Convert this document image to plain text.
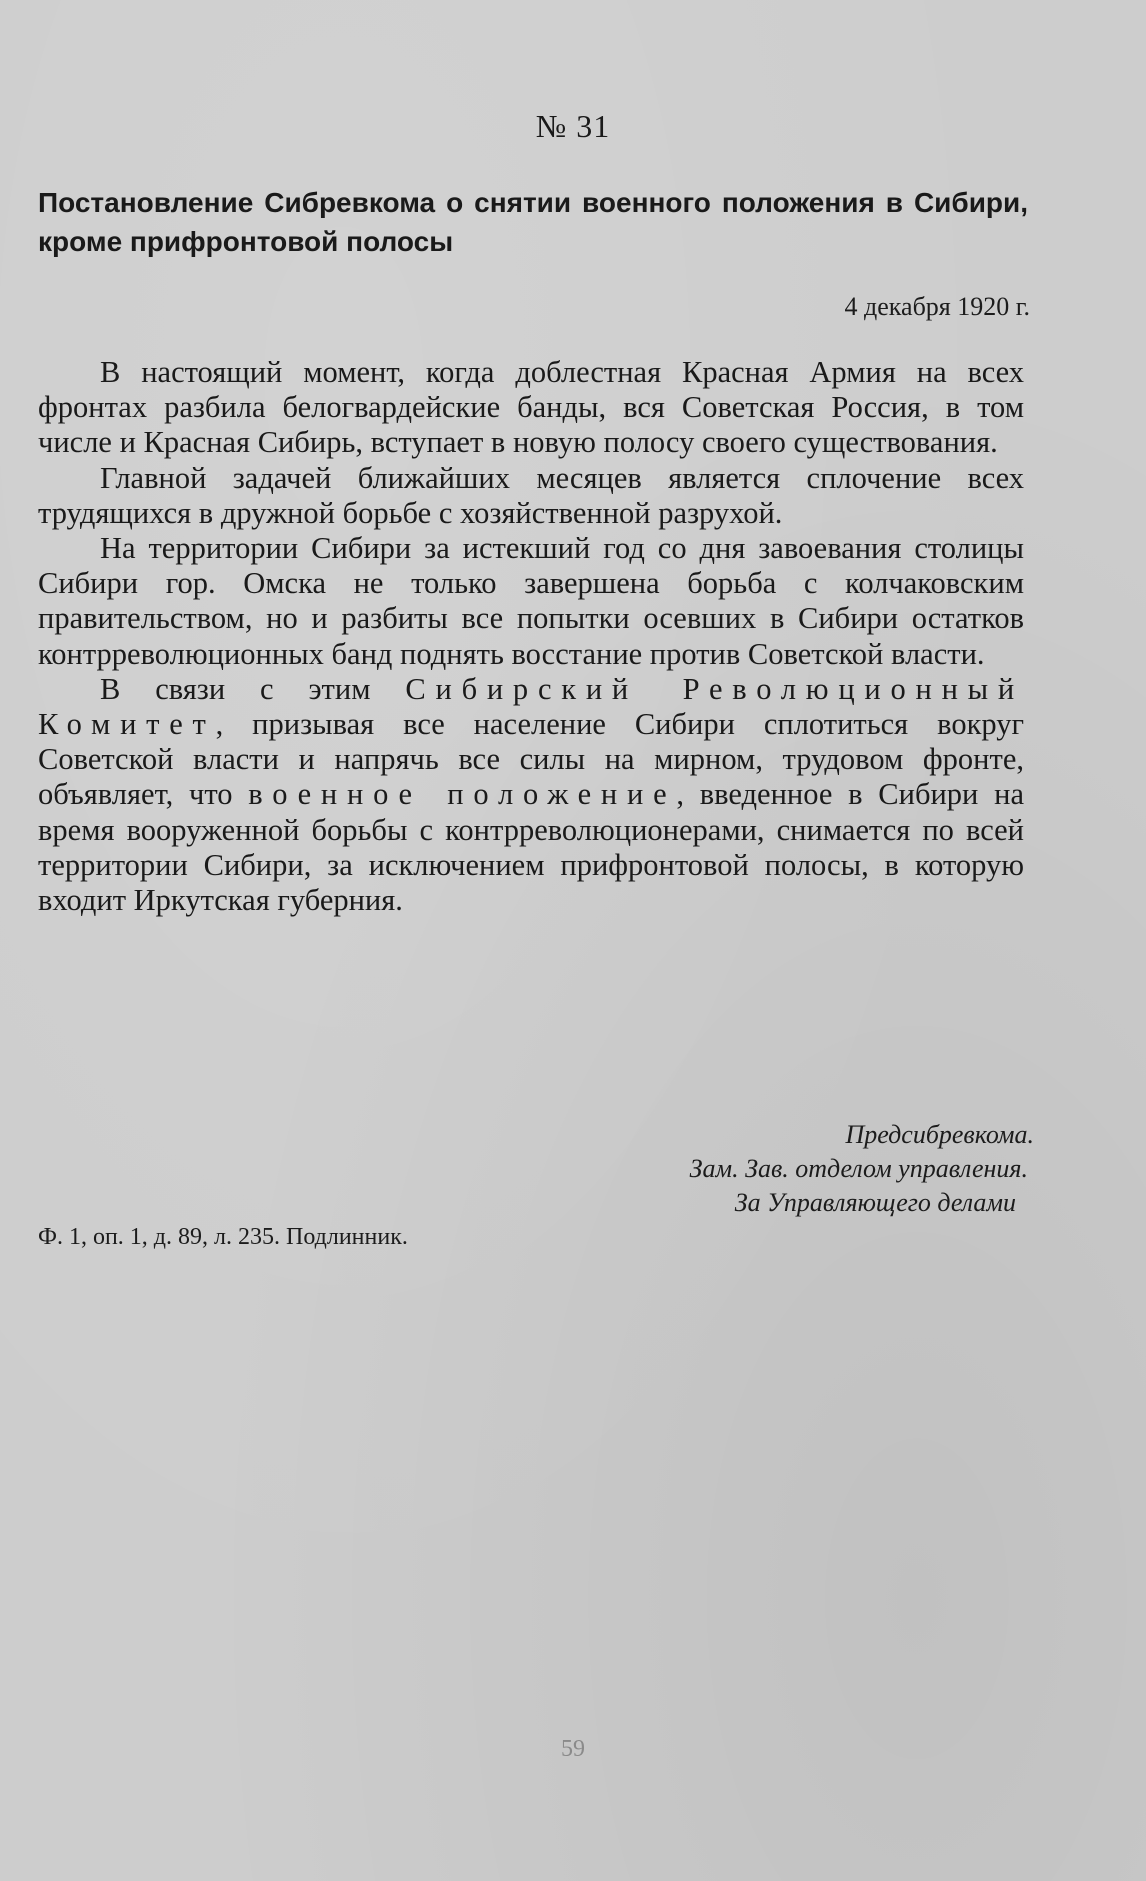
№ 31
Постановление Сибревкома о снятии военного положения в Сибири, кроме прифронтовой полосы
4 декабря 1920 г.

В настоящий момент, когда доблестная Красная Армия на всех фронтах разбила белогвардейские банды, вся Советская Россия, в том числе и Красная Сибирь, вступает в новую полосу своего существования.

Главной задачей ближайших месяцев является сплочение всех трудящихся в дружной борьбе с хозяйственной разрухой.

На территории Сибири за истекший год со дня завоевания столицы Сибири гор. Омска не только завершена борьба с колчаковским правительством, но и разбиты все попытки осевших в Сибири остатков контрреволюционных банд поднять восстание против Советской власти.

В связи с этим Сибирский Революционный Комитет, призывая все население Сибири сплотиться вокруг Советской власти и напрячь все силы на мирном, трудовом фронте, объявляет, что военное положение, введенное в Сибири на время вооруженной борьбы с контрреволюционерами, снимается по всей территории Сибири, за исключением прифронтовой полосы, в которую входит Иркутская губерния.

Предсибревкома.
Зам. Зав. отделом управления.
За Управляющего делами
Ф. 1, оп. 1, д. 89, л. 235. Подлинник.
59
